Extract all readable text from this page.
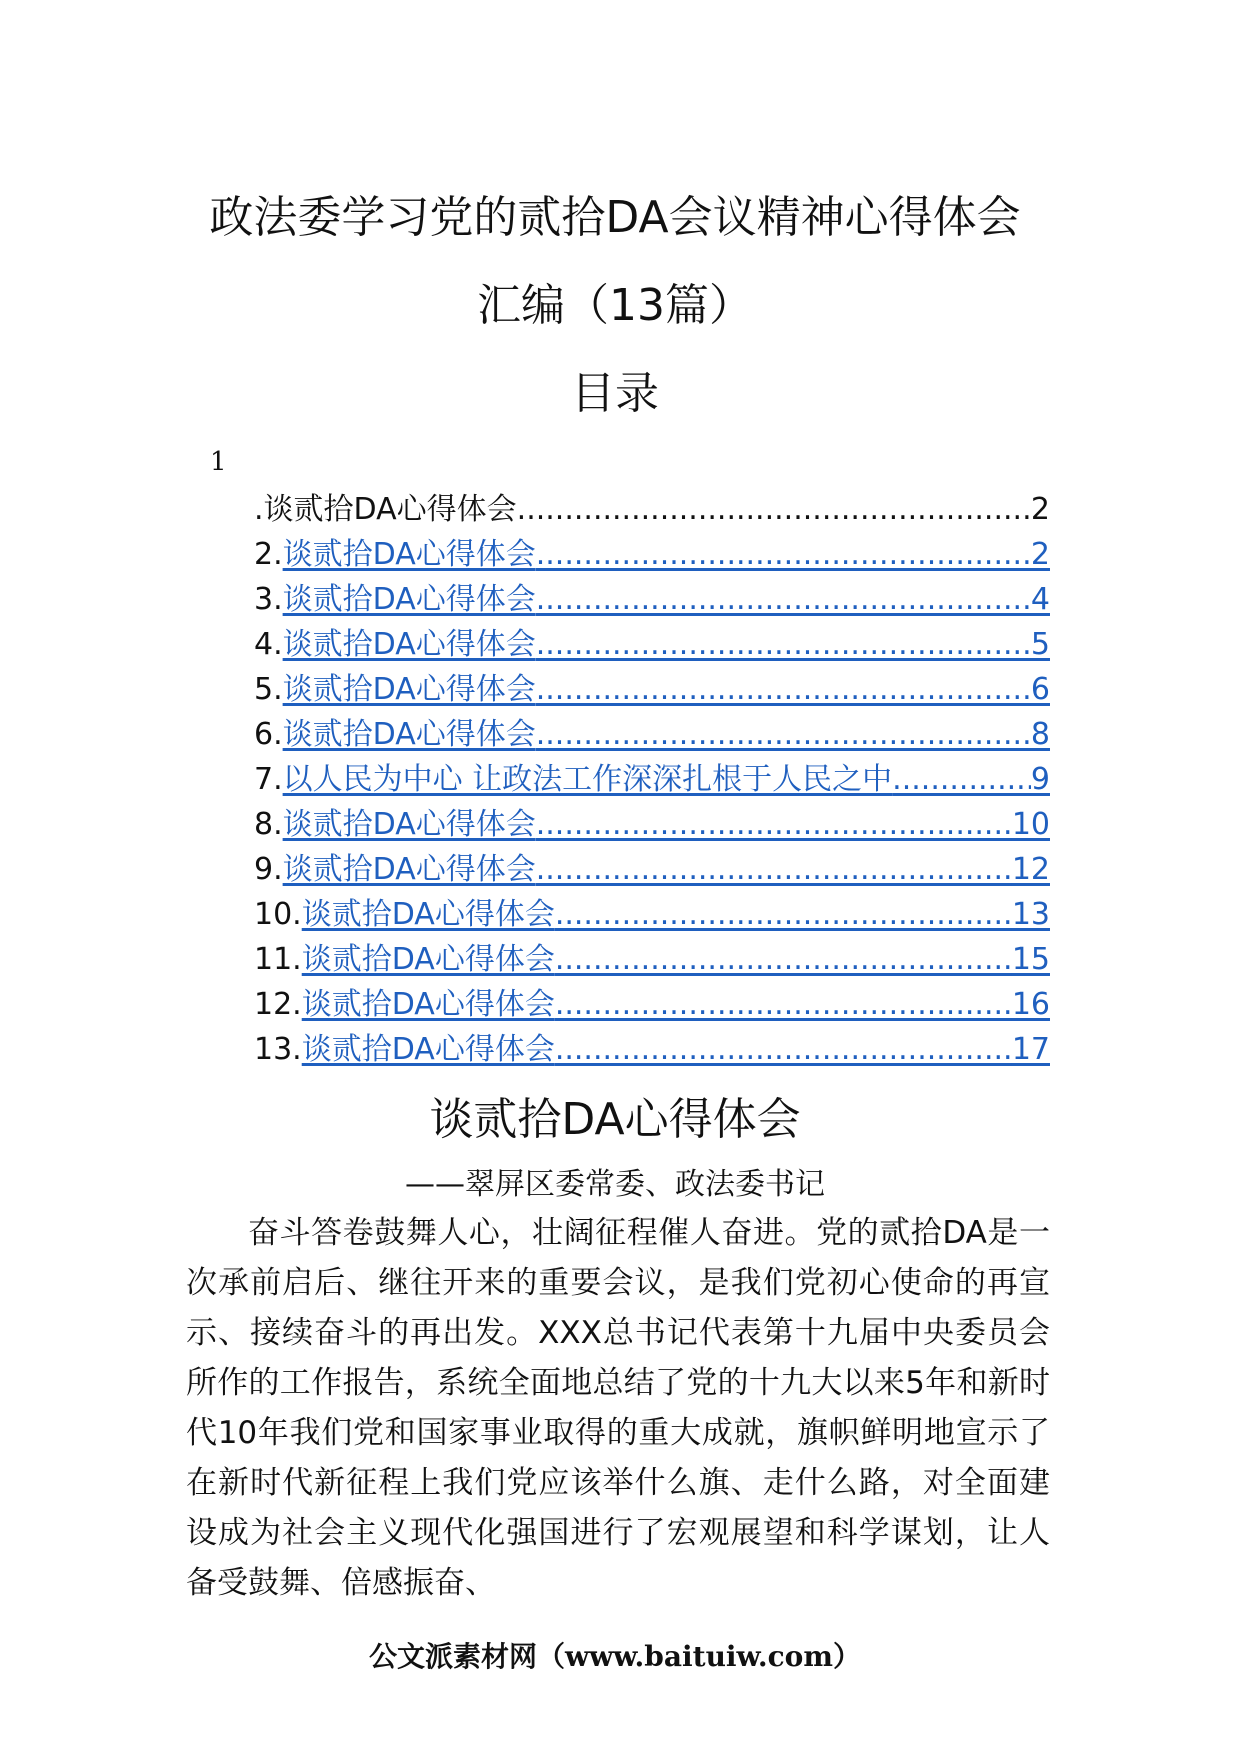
政法委学习党的贰拾DA会议精神心得体会
汇编（13篇）
目录
1
. 谈贰拾DA心得体会 .....	2
2. 谈贰拾DA心得体会 .....	2
3. 谈贰拾DA心得体会 .....	4
4. 谈贰拾DA心得体会 .....	5
5. 谈贰拾DA心得体会 .....	6
6. 谈贰拾DA心得体会 .....	8
7. 以人民为中心 让政法工作深深扎根于人民之中 .....	9
8. 谈贰拾DA心得体会 .....	10
9. 谈贰拾DA心得体会 .....	12
10. 谈贰拾DA心得体会 .....	13
11. 谈贰拾DA心得体会 .....	15
12. 谈贰拾DA心得体会 .....	16
13. 谈贰拾DA心得体会 .....	17
谈贰拾DA心得体会
——翠屏区委常委、政法委书记
奋斗答卷鼓舞人心，壮阔征程催人奋进。党的贰拾DA是一次承前启后、继往开来的重要会议，是我们党初心使命的再宣示、接续奋斗的再出发。XXX总书记代表第十九届中央委员会所作的工作报告，系统全面地总结了党的十九大以来5年和新时代10年我们党和国家事业取得的重大成就，旗帜鲜明地宣示了在新时代新征程上我们党应该举什么旗、走什么路，对全面建设成为社会主义现代化强国进行了宏观展望和科学谋划，让人备受鼓舞、倍感振奋、
公文派素材网（www.baituiw.com）
